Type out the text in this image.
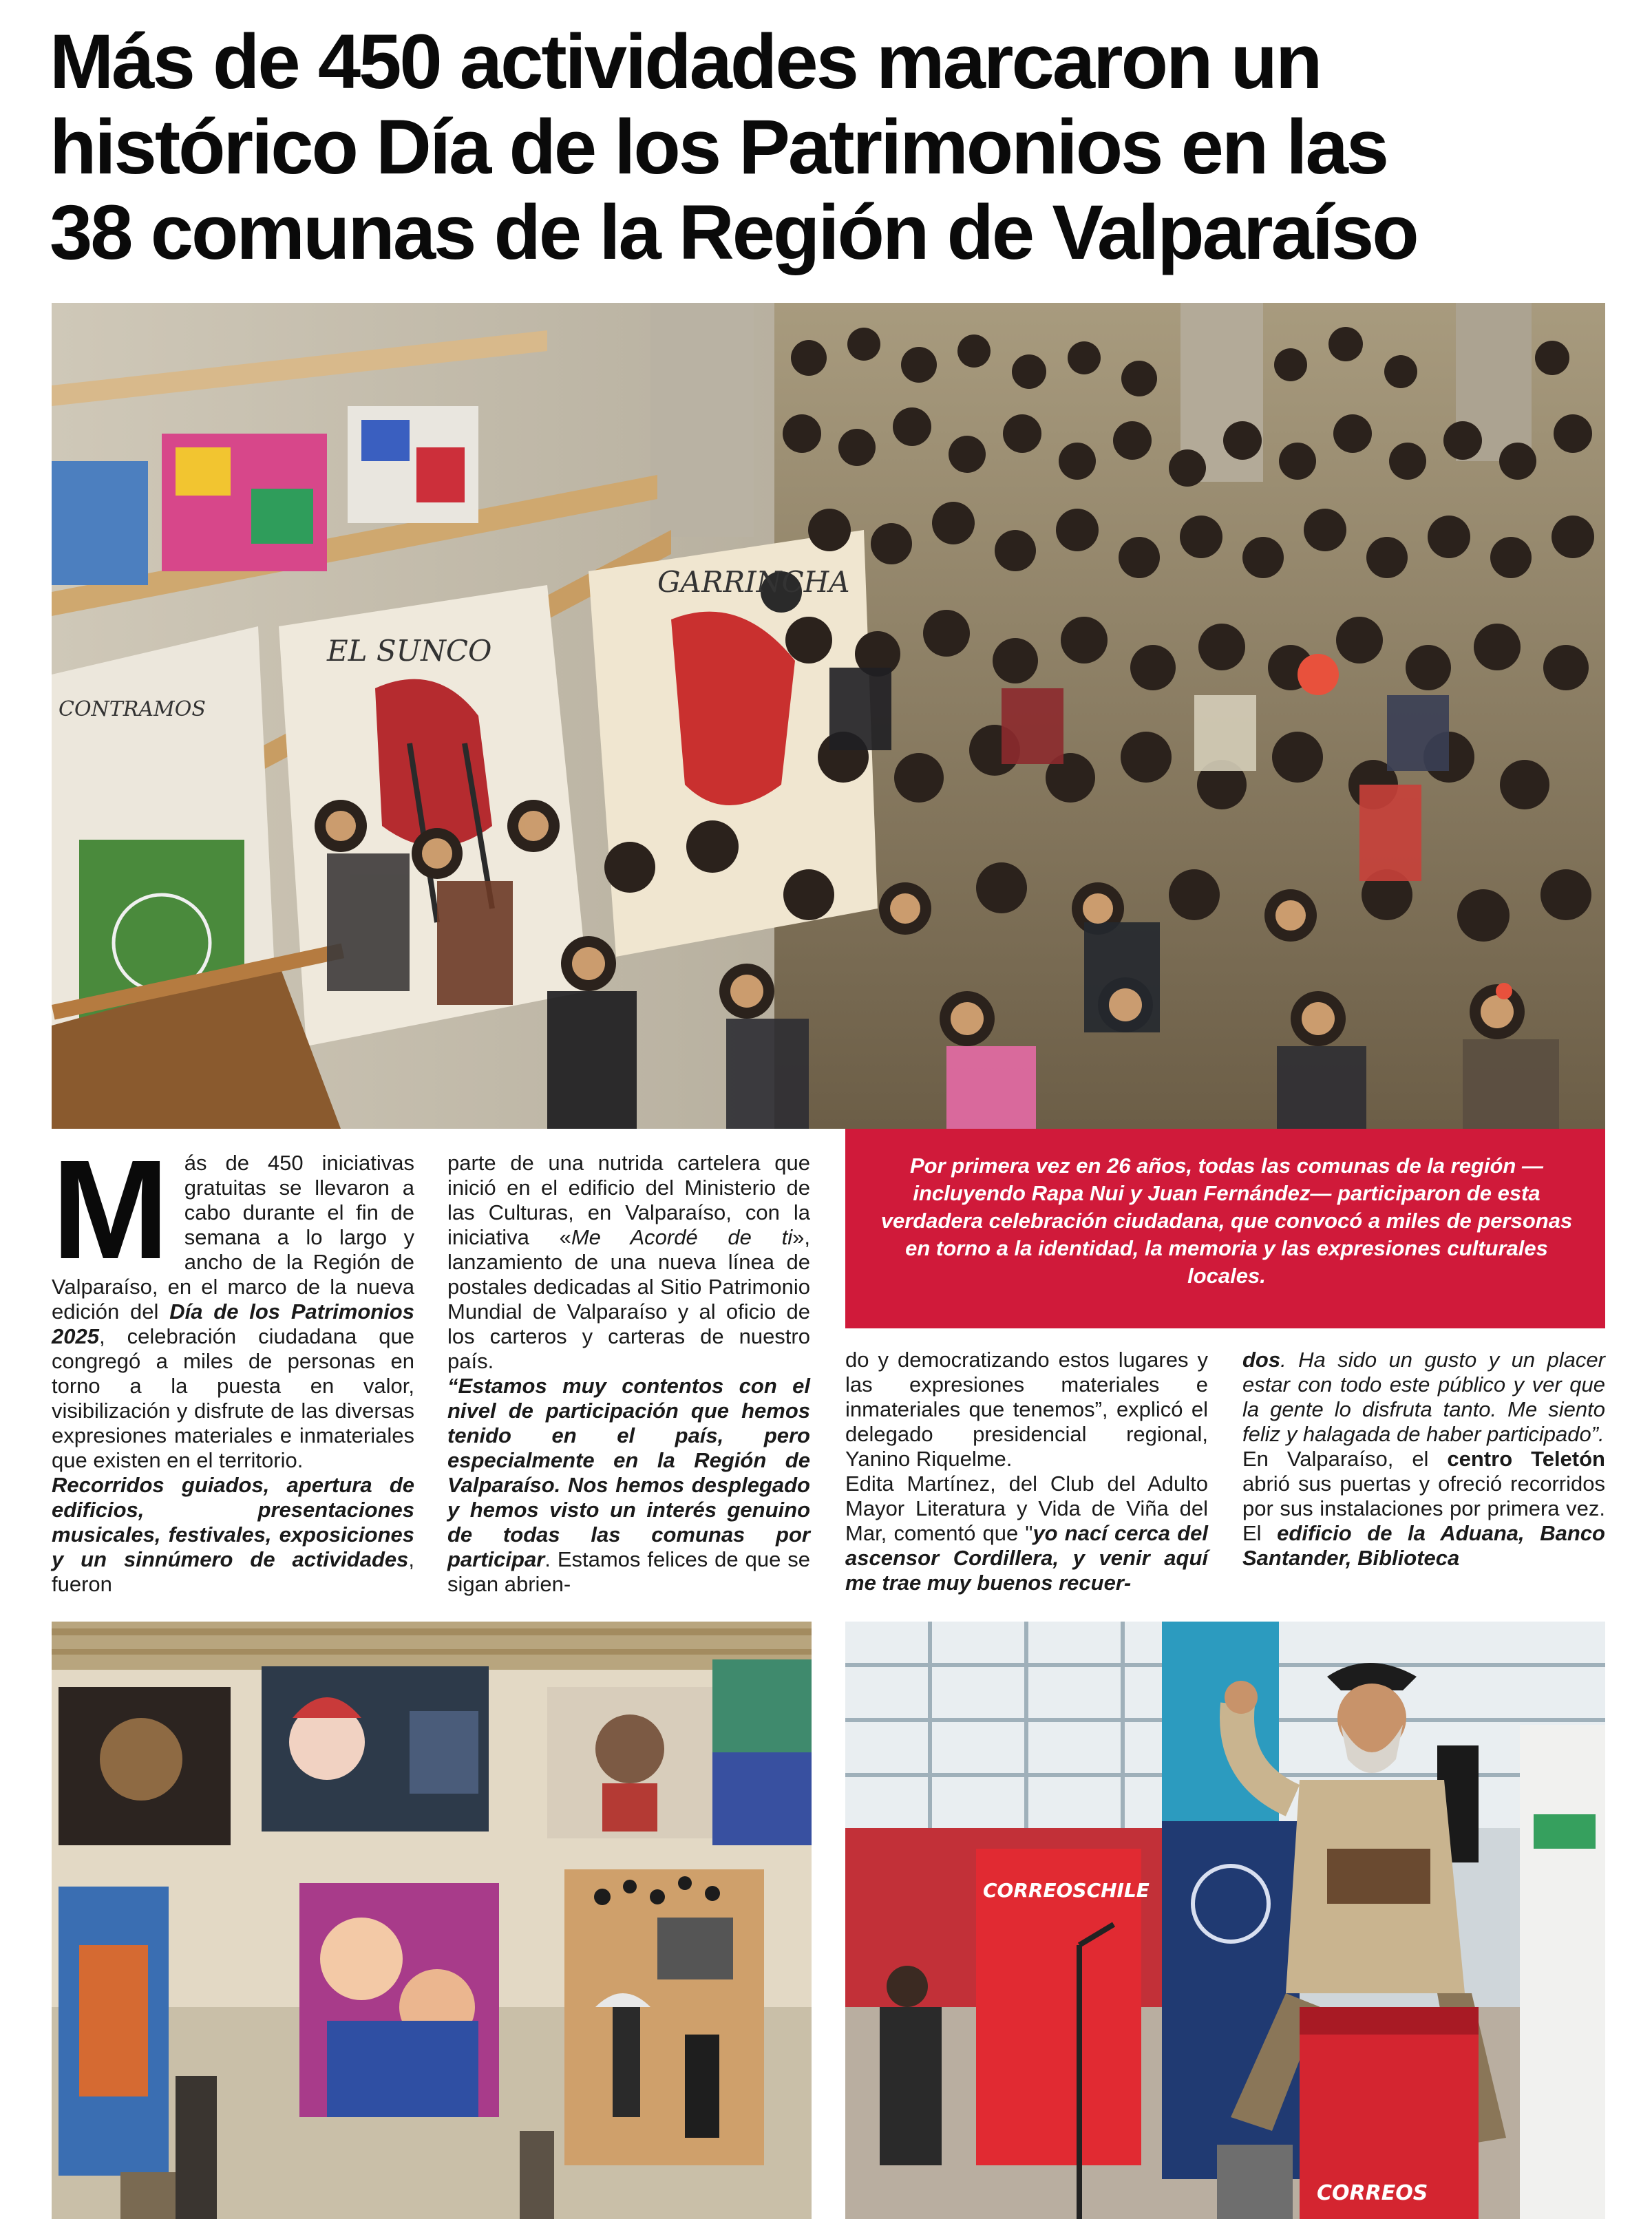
Más de 450 actividades marcaron un
histórico Día de los Patrimonios en las
38 comunas de la Región de Valparaíso
EL SUNCO
GARRINCHA
CONTRAMOS

Más de 450 iniciativas gratuitas se llevaron a cabo durante el fin de semana a lo largo y ancho de la Región de Valparaíso, en el marco de la nueva edición del Día de los Patrimonios 2025, celebración ciudadana que congregó a miles de personas en torno a la puesta en valor, visibilización y disfrute de las diversas expresiones materiales e inmateriales que existen en el territorio.

Recorridos guiados, apertura de edificios, presentaciones musicales, festivales, exposiciones y un sinnúmero de actividades, fueron

parte de una nutrida cartelera que inició en el edificio del Ministerio de las Culturas, en Valparaíso, con la iniciativa «Me Acordé de ti», lanzamiento de una nueva línea de postales dedicadas al Sitio Patrimonio Mundial de Valparaíso y al oficio de los carteros y carteras de nuestro país.

“Estamos muy contentos con el nivel de participación que hemos tenido en el país, pero especialmente en la Región de Valparaíso. Nos hemos desplegado y hemos visto un interés genuino de todas las comunas por participar. Estamos felices de que se sigan abrien-

Por primera vez en 26 años, todas las comunas de la región —incluyendo Rapa Nui y Juan Fernández— participaron de esta verdadera celebración ciudadana, que convocó a miles de personas en torno a la identidad, la memoria y las expresiones culturales locales.

do y democratizando estos lugares y las expresiones materiales e inmateriales que tenemos”, explicó el delegado presidencial regional, Yanino Riquelme.

Edita Martínez, del Club del Adulto Mayor Literatura y Vida de Viña del Mar, comentó que "yo nací cerca del ascensor Cordillera, y venir aquí me trae muy buenos recuer-

dos. Ha sido un gusto y un placer estar con todo este público y ver que la gente lo disfruta tanto. Me siento feliz y halagada de haber participado”.

En Valparaíso, el centro Teletón abrió sus puertas y ofreció recorridos por sus instalaciones por primera vez. El edificio de la Aduana, Banco Santander, Biblioteca

CORREOSCHILE
CORREOS
